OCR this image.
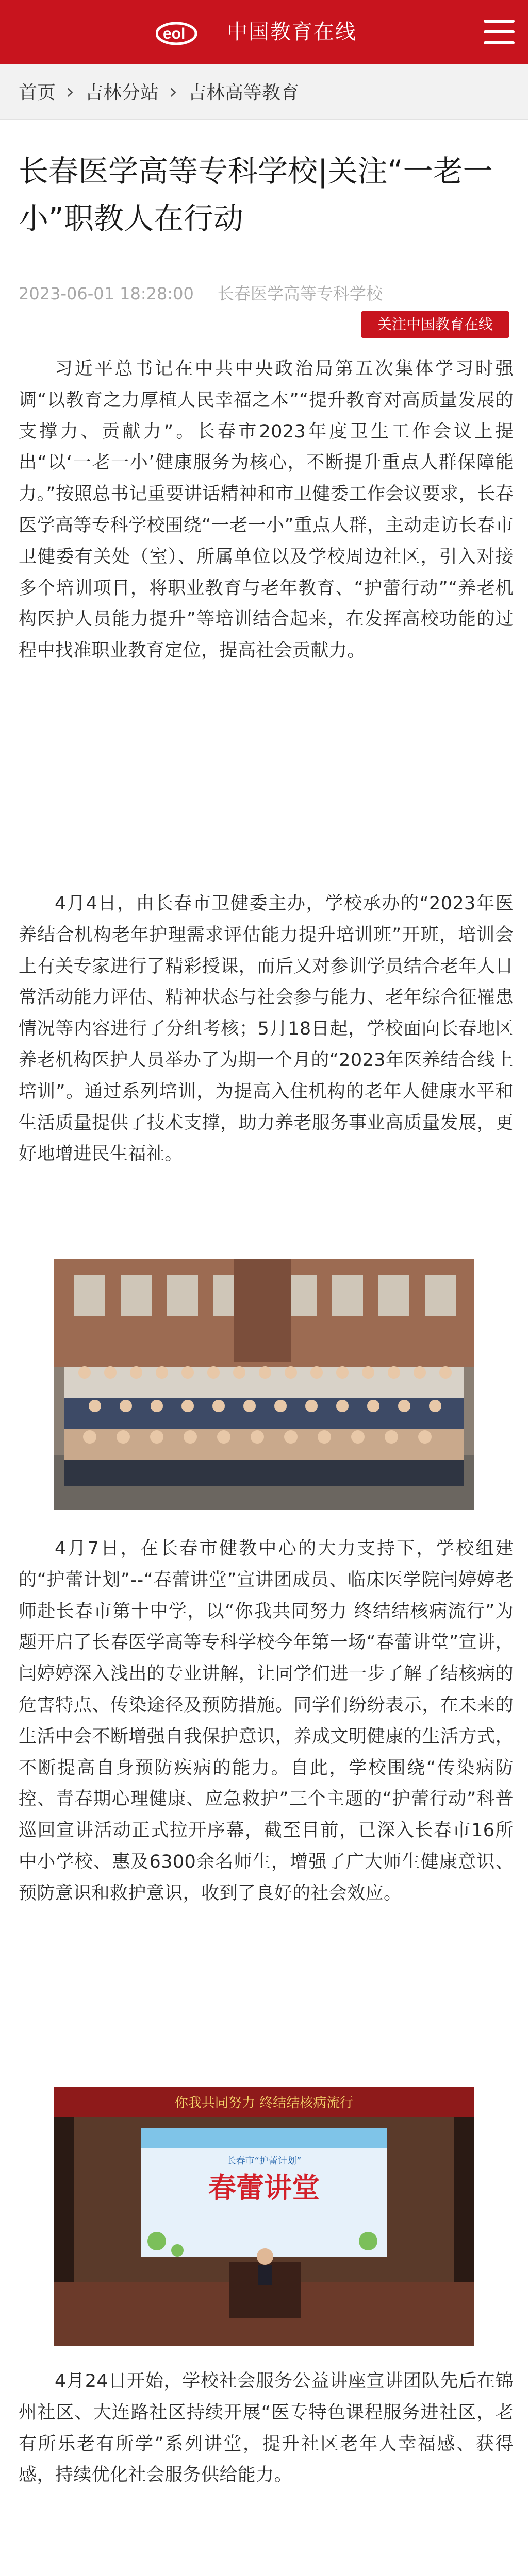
eol 中国教育在线
首页 › 吉林分站 › 吉林高等教育
长春医学高等专科学校|关注“一老一小”职教人在行动
2023-06-01 18:28:00 长春医学高等专科学校
关注中国教育在线

习近平总书记在中共中央政治局第五次集体学习时强调“以教育之力厚植人民幸福之本”“提升教育对高质量发展的支撑力、贡献力”。长春市2023年度卫生工作会议上提出“以‘一老一小’健康服务为核心，不断提升重点人群保障能力。”按照总书记重要讲话精神和市卫健委工作会议要求，长春医学高等专科学校围绕“一老一小”重点人群，主动走访长春市卫健委有关处（室）、所属单位以及学校周边社区，引入对接多个培训项目，将职业教育与老年教育、“护蕾行动”“养老机构医护人员能力提升”等培训结合起来，在发挥高校功能的过程中找准职业教育定位，提高社会贡献力。

4月4日，由长春市卫健委主办，学校承办的“2023年医养结合机构老年护理需求评估能力提升培训班”开班，培训会上有关专家进行了精彩授课，而后又对参训学员结合老年人日常活动能力评估、精神状态与社会参与能力、老年综合征罹患情况等内容进行了分组考核；5月18日起，学校面向长春地区养老机构医护人员举办了为期一个月的“2023年医养结合线上培训”。通过系列培训，为提高入住机构的老年人健康水平和生活质量提供了技术支撑，助力养老服务事业高质量发展，更好地增进民生福祉。

4月7日，在长春市健教中心的大力支持下，学校组建的“护蕾计划”--“春蕾讲堂”宣讲团成员、临床医学院闫婷婷老师赴长春市第十中学，以“你我共同努力 终结结核病流行”为题开启了长春医学高等专科学校今年第一场“春蕾讲堂”宣讲，闫婷婷深入浅出的专业讲解，让同学们进一步了解了结核病的危害特点、传染途径及预防措施。同学们纷纷表示，在未来的生活中会不断增强自我保护意识，养成文明健康的生活方式，不断提高自身预防疾病的能力。自此，学校围绕“传染病防控、青春期心理健康、应急救护”三个主题的“护蕾行动”科普巡回宣讲活动正式拉开序幕，截至目前，已深入长春市16所中小学校、惠及6300余名师生，增强了广大师生健康意识、预防意识和救护意识，收到了良好的社会效应。

你我共同努力 终结结核病流行
长春市“护蕾计划”
春蕾讲堂

4月24日开始，学校社会服务公益讲座宣讲团队先后在锦州社区、大连路社区持续开展“医专特色课程服务进社区，老有所乐老有所学”系列讲堂，提升社区老年人幸福感、获得感，持续优化社会服务供给能力。
